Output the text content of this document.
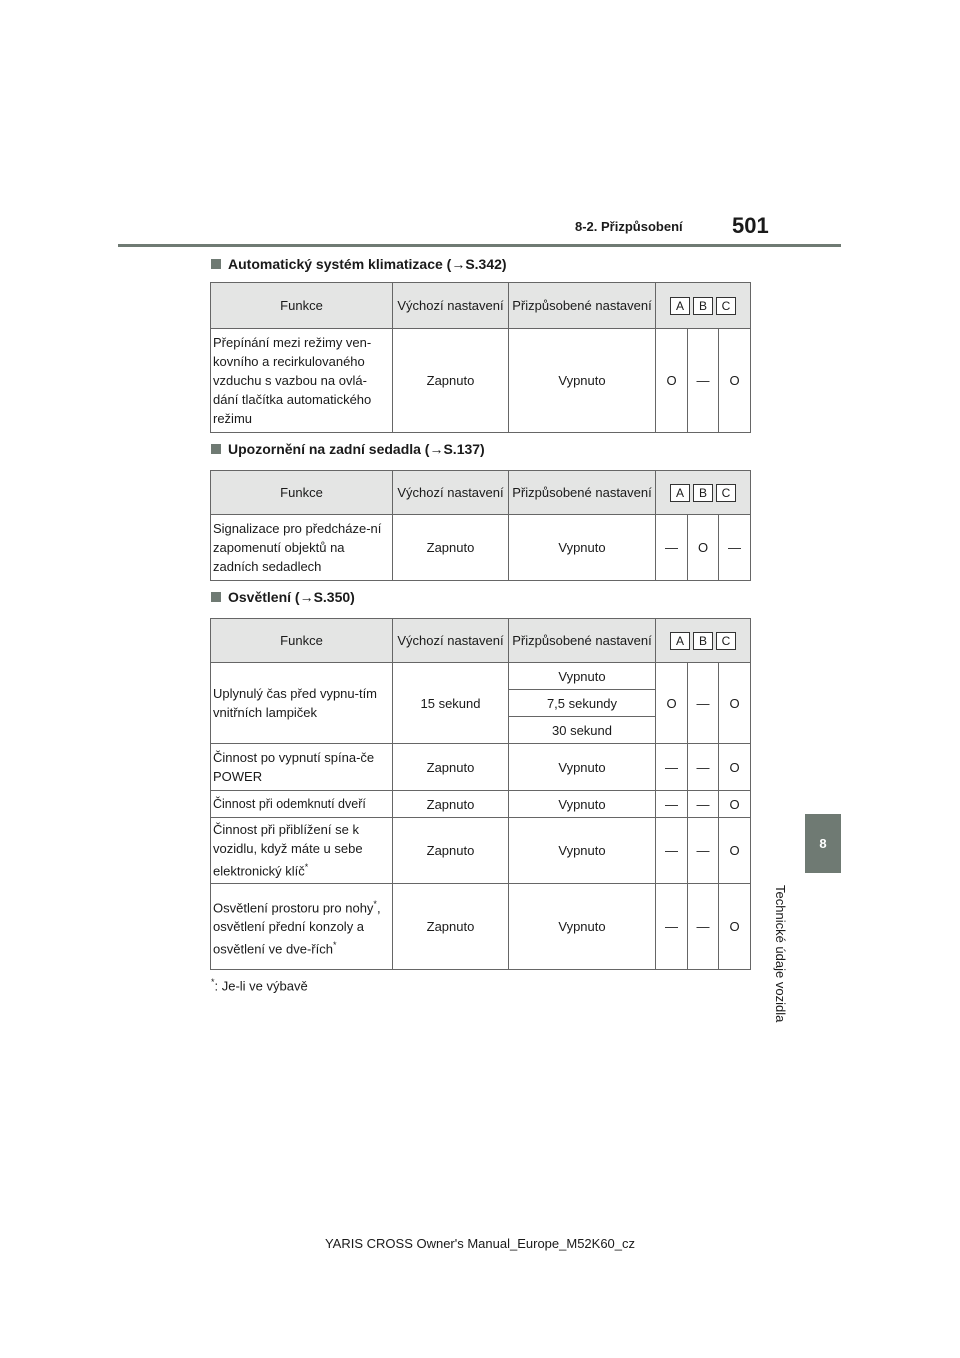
8-2. Přizpůsobení 501
8
Technické údaje vozidla
Automatický systém klimatizace (→S.342)
Funkce	Výchozí nastavení	Přizpůsobené nastavení	A B C		

Přepínání mezi režimy ven-kovního a recirkulovaného vzduchu s vazbou na ovlá-dání tlačítka automatického režimu	Zapnuto	Vypnuto	O	—	O
Upozornění na zadní sedadla (→S.137)
Funkce	Výchozí nastavení	Přizpůsobené nastavení	A B C		

Signalizace pro předcháze-ní zapomenutí objektů na zadních sedadlech	Zapnuto	Vypnuto	—	O	—
Osvětlení (→S.350)
Funkce	Výchozí nastavení	Přizpůsobené nastavení	A B C		

Uplynulý čas před vypnu-tím vnitřních lampiček	15 sekund	Vypnuto	O	—	O
		7,5 sekundy			
		30 sekund			
Činnost po vypnutí spína-če POWER	Zapnuto	Vypnuto	—	—	O
Činnost při odemknutí dveří	Zapnuto	Vypnuto	—	—	O
Činnost při přiblížení se k vozidlu, když máte u sebe elektronický klíč*	Zapnuto	Vypnuto	—	—	O
Osvětlení prostoru pro nohy*, osvětlení přední konzoly a osvětlení ve dve-řích*	Zapnuto	Vypnuto	—	—	O
*: Je-li ve výbavě
YARIS CROSS Owner's Manual_Europe_M52K60_cz
